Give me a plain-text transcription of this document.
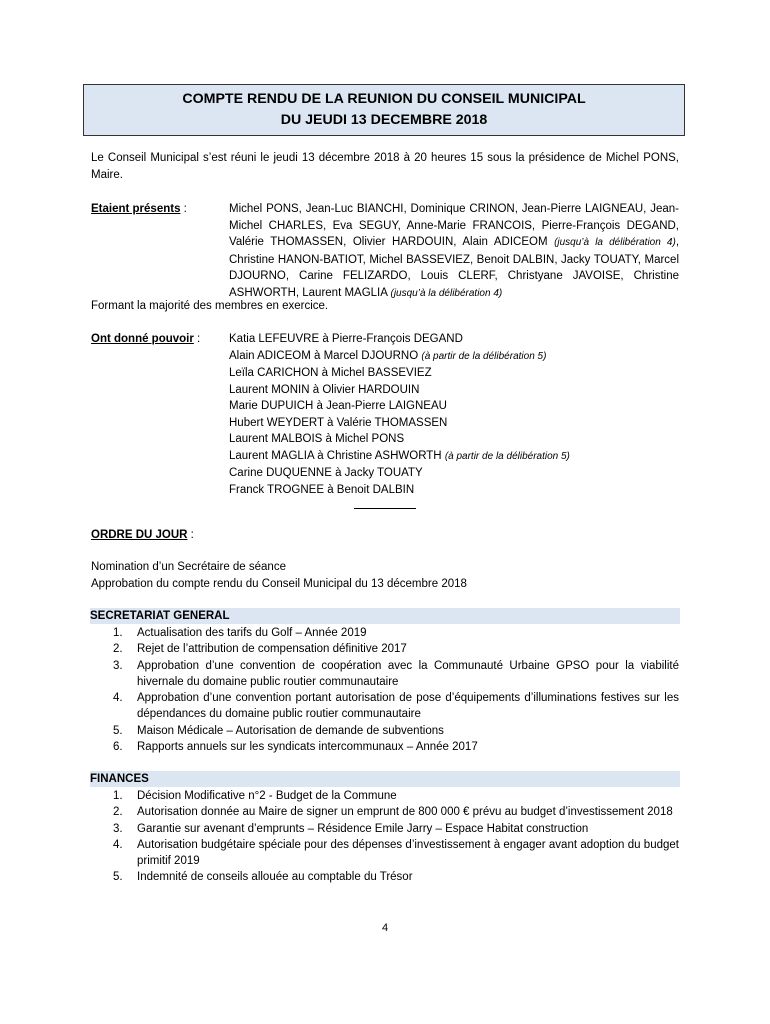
COMPTE RENDU DE LA REUNION DU CONSEIL MUNICIPAL
DU JEUDI 13 DECEMBRE 2018
Le Conseil Municipal s’est réuni le jeudi 13 décembre 2018 à 20 heures 15 sous la présidence de Michel PONS, Maire.
Etaient présents :	Michel PONS, Jean-Luc BIANCHI, Dominique CRINON, Jean-Pierre LAIGNEAU, Jean-Michel CHARLES, Eva SEGUY, Anne-Marie FRANCOIS, Pierre-François DEGAND, Valérie THOMASSEN, Olivier HARDOUIN, Alain ADICEOM (jusqu’à la délibération 4), Christine HANON-BATIOT, Michel BASSEVIEZ, Benoit DALBIN, Jacky TOUATY, Marcel DJOURNO, Carine FELIZARDO, Louis CLERF, Christyane JAVOISE, Christine ASHWORTH, Laurent MAGLIA (jusqu’à la délibération 4)
Formant la majorité des membres en exercice.
Ont donné pouvoir :	Katia LEFEUVRE à Pierre-François DEGAND
Alain ADICEOM à Marcel DJOURNO (à partir de la délibération 5)
Leïla CARICHON à Michel BASSEVIEZ
Laurent MONIN à Olivier HARDOUIN
Marie DUPUICH à Jean-Pierre LAIGNEAU
Hubert WEYDERT à Valérie THOMASSEN
Laurent MALBOIS à Michel PONS
Laurent MAGLIA à Christine ASHWORTH (à partir de la délibération 5)
Carine DUQUENNE à Jacky TOUATY
Franck TROGNEE à Benoit DALBIN
ORDRE DU JOUR :
Nomination d’un Secrétaire de séance
Approbation du compte rendu du Conseil Municipal du 13 décembre 2018
SECRETARIAT GENERAL
1. Actualisation des tarifs du Golf – Année 2019
2. Rejet de l’attribution de compensation définitive 2017
3. Approbation d’une convention de coopération avec la Communauté Urbaine GPSO pour la viabilité hivernale du domaine public routier communautaire
4. Approbation d’une convention portant autorisation de pose d’équipements d’illuminations festives sur les dépendances du domaine public routier communautaire
5. Maison Médicale – Autorisation de demande de subventions
6. Rapports annuels sur les syndicats intercommunaux – Année 2017
FINANCES
1. Décision Modificative n°2 - Budget de la Commune
2. Autorisation donnée au Maire de signer un emprunt de 800 000 € prévu au budget d’investissement 2018
3. Garantie sur avenant d’emprunts – Résidence Emile Jarry – Espace Habitat construction
4. Autorisation budgétaire spéciale pour des dépenses d’investissement à engager avant adoption du budget primitif 2019
5. Indemnité de conseils allouée au comptable du Trésor
4
